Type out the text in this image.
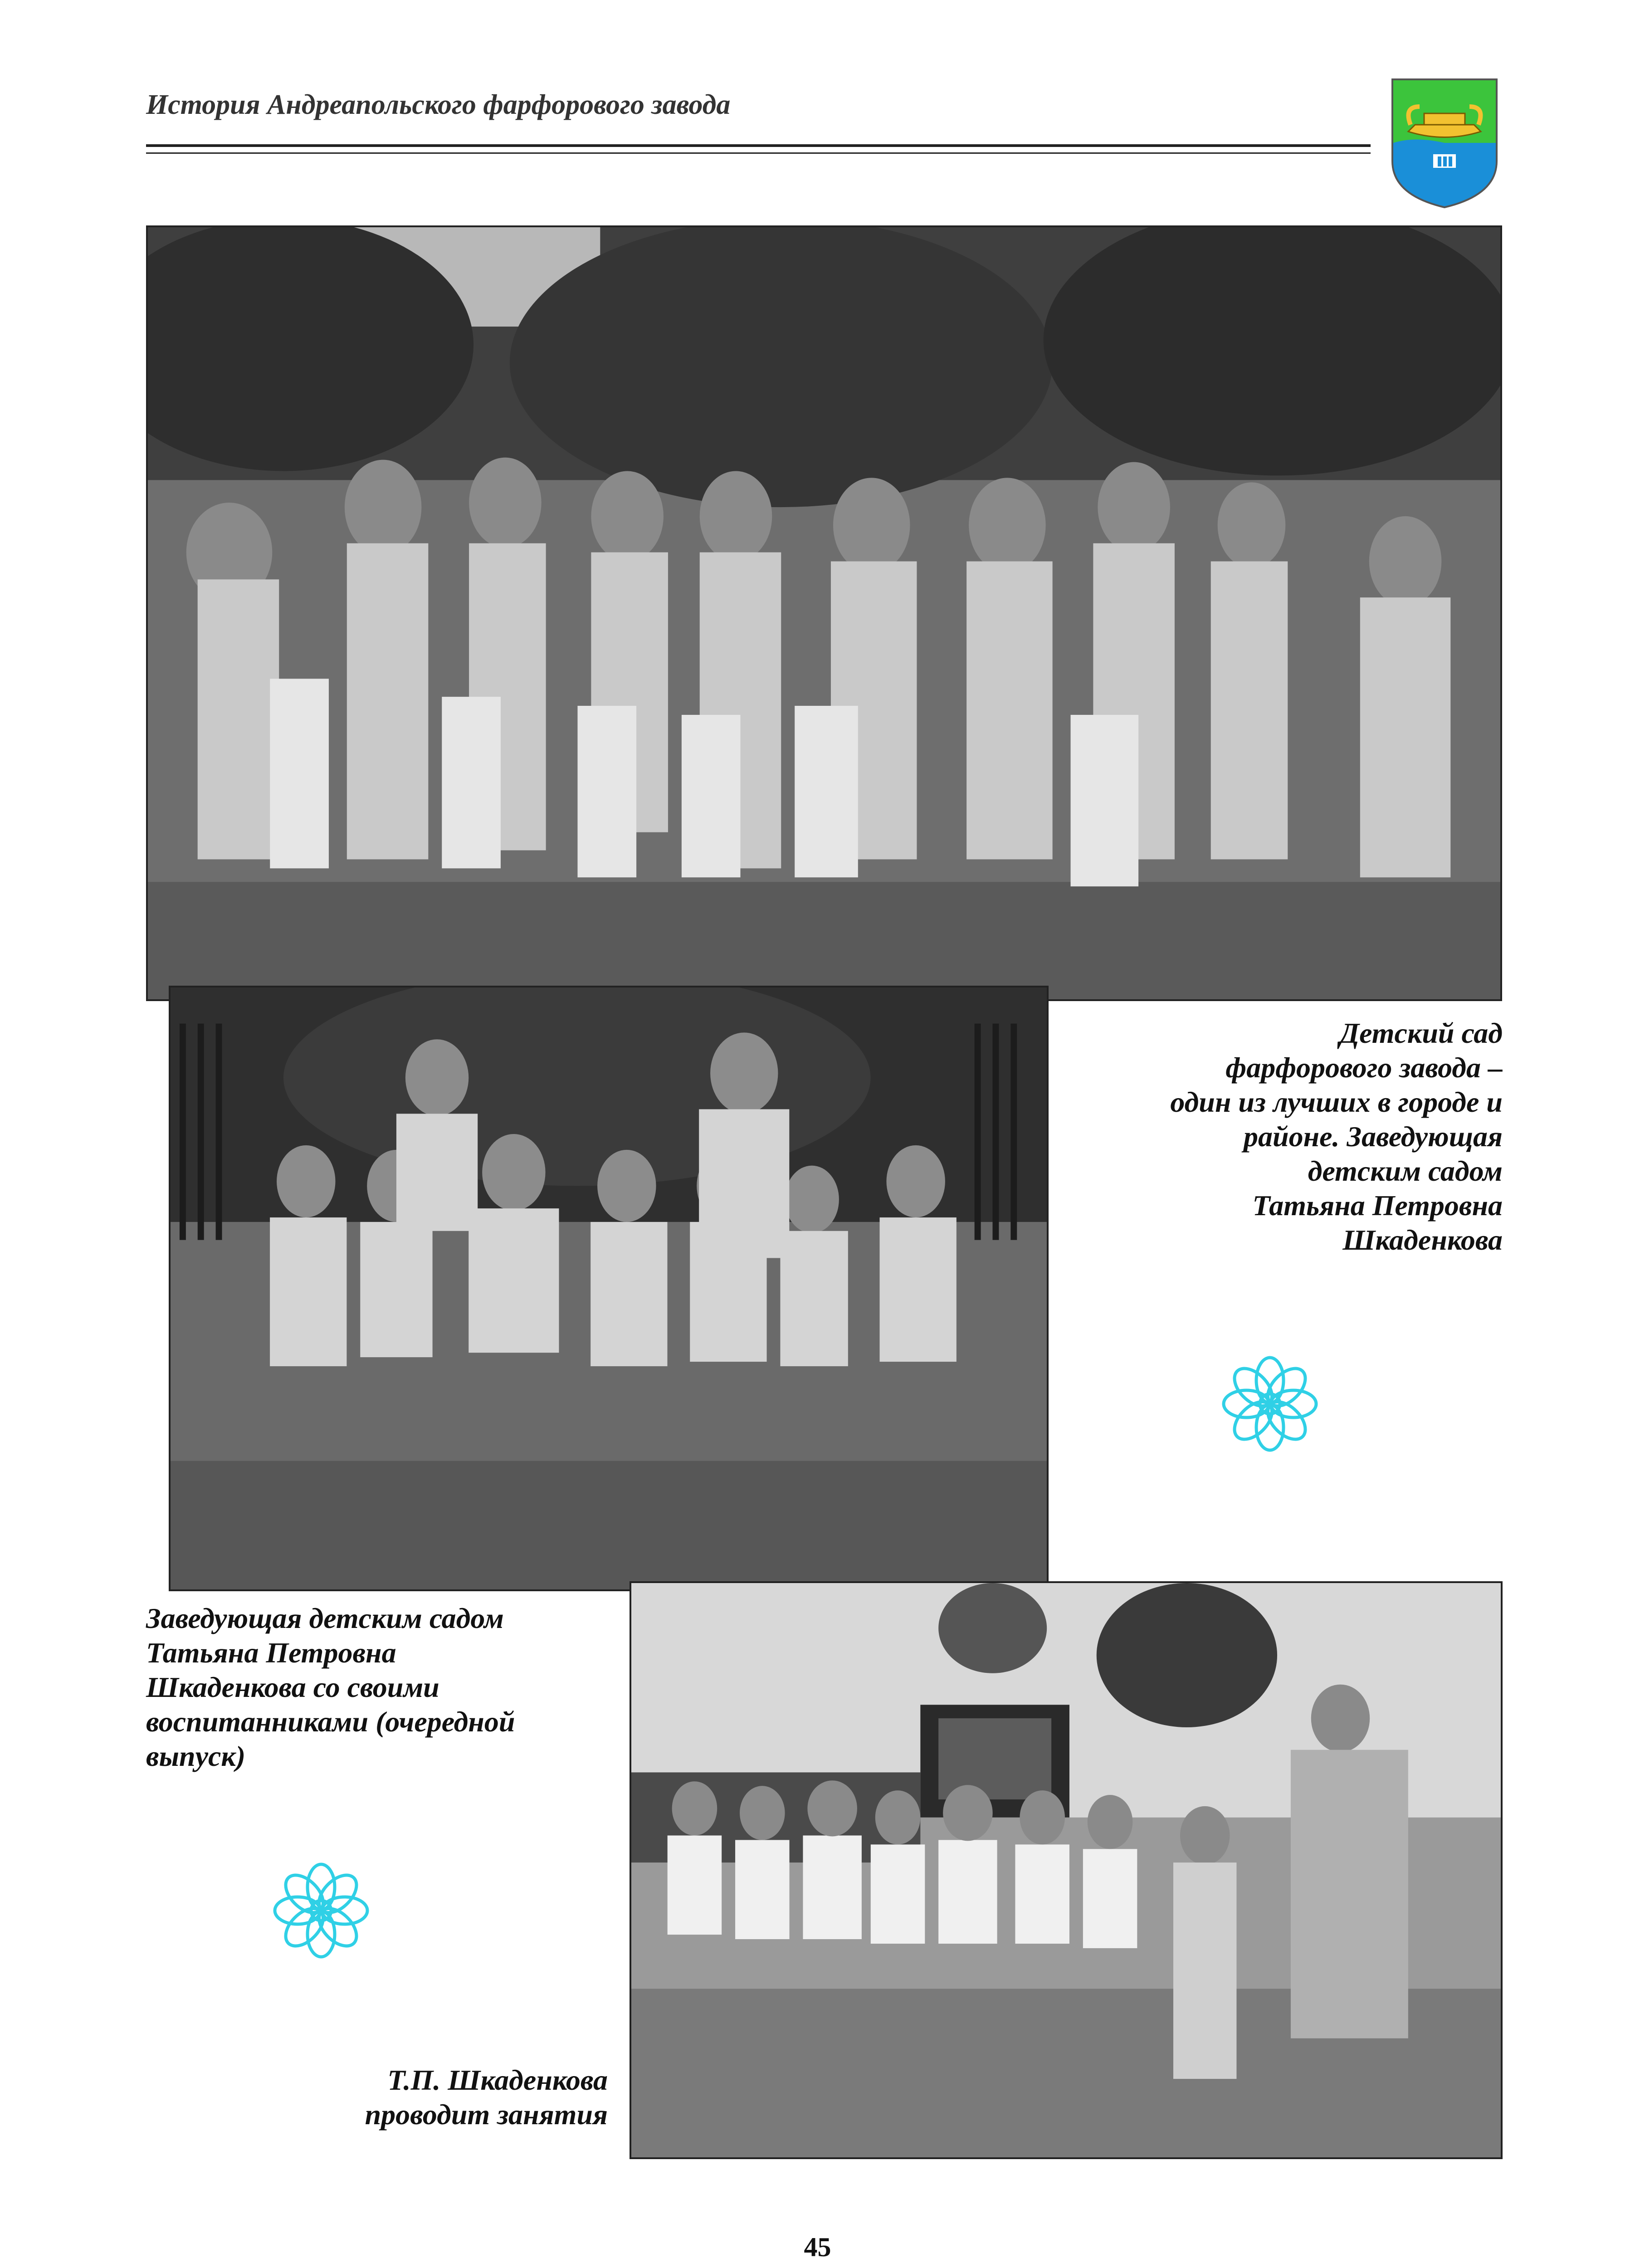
История Андреапольского фарфорового завода
Детский сад
фарфорового завода –
один из лучших в городе и
районе. Заведующая
детским садом
Татьяна Петровна
Шкаденкова
Заведующая детским садом
Татьяна Петровна
Шкаденкова со своими
воспитанниками (очередной
выпуск)
Т.П. Шкаденкова
проводит занятия
45
